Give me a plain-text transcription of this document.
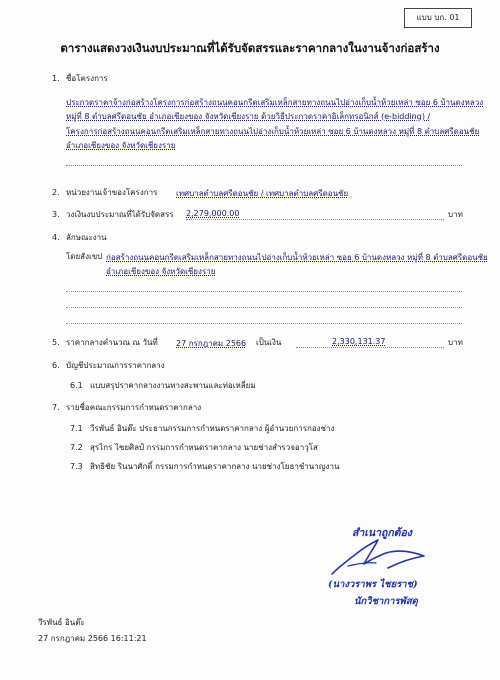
แบบ บก. 01
ตารางแสดงวงเงินงบประมาณที่ได้รับจัดสรรและราคากลางในงานจ้างก่อสร้าง
1. ชื่อโครงการ
ประกวดราคาจ้างก่อสร้างโครงการก่อสร้างถนนคอนกรีตเสริมเหล็กสายทางถนนไปอ่างเก็บน้ำห้วยเหล่า ซอย 6 บ้านดงหลวง
หมู่ที่ 8 ตำบลศรีดอนชัย อำเภอเชียงของ จังหวัดเชียงราย ด้วยวิธีประกวดราคาอิเล็กทรอนิกส์ (e-bidding) /
โครงการก่อสร้างถนนคอนกรีตเสริมเหล็กสายทางถนนไปอ่างเก็บน้ำห้วยเหล่า ซอย 6 บ้านดงหลวง หมู่ที่ 8 ตำบลศรีดอนชัย
อำเภอเชียงของ จังหวัดเชียงราย
2. หน่วยงานเจ้าของโครงการ เทศบาลตำบลศรีดอนชัย / เทศบาลตำบลศรีดอนชัย
3. วงเงินงบประมาณที่ได้รับจัดสรร 2,279,000.00	บาท
4. ลักษณะงาน
โดยสังเขป ก่อสร้างถนนคอนกรีตเสริมเหล็กสายทางถนนไปอ่างเก็บน้ำห้วยเหล่า ซอย 6 บ้านดงหลวง หมู่ที่ 8 ตำบลศรีดอนชัย
อำเภอเชียงของ จังหวัดเชียงราย
5. ราคากลางคำนวณ ณ วันที่ 27 กรกฎาคม 2566 เป็นเงิน	2,330,131.37	บาท
6. บัญชีประมาณการราคากลาง
6.1 แบบสรุปราคากลางงานทางสะพานและท่อเหลี่ยม
7. รายชื่อคณะกรรมการกำหนดราคากลาง
7.1 วีรพันธ์ อินต๊ะ ประธานกรรมการกำหนดราคากลาง ผู้อำนวยการกองช่าง
7.2 สุรไกร ไชยศิลป์ กรรมการกำหนดราคากลาง นายช่างสำรวจอาวุโส
7.3 สิทธิชัย รินนาศักดิ์ กรรมการกำหนดราคากลาง นายช่างโยธาชำนาญงาน
สำเนาถูกต้อง
(นางวราพร ไชยราช)
นักวิชาการพัสดุ
วีรพันธ์ อินต๊ะ
27 กรกฎาคม 2566 16:11:21
